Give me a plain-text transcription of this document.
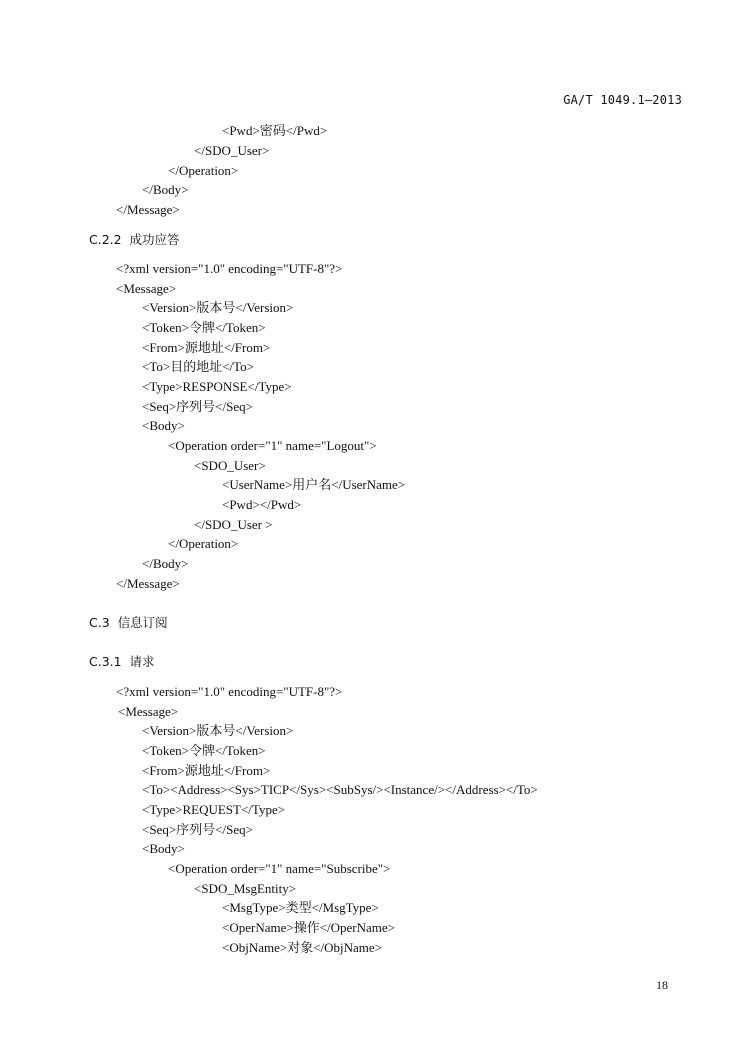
GA/T 1049.1—2013
<Pwd>密码</Pwd>
</SDO_User>
</Operation>
</Body>
</Message>
C.2.2  成功应答
<?xml version="1.0" encoding="UTF-8"?>
<Message>
<Version>版本号</Version>
<Token>令牌</Token>
<From>源地址</From>
<To>目的地址</To>
<Type>RESPONSE</Type>
<Seq>序列号</Seq>
<Body>
<Operation order="1" name="Logout">
<SDO_User>
<UserName>用户名</UserName>
<Pwd></Pwd>
</SDO_User >
</Operation>
</Body>
</Message>
C.3  信息订阅
C.3.1  请求
<?xml version="1.0" encoding="UTF-8"?>
<Message>
<Version>版本号</Version>
<Token>令牌</Token>
<From>源地址</From>
<To><Address><Sys>TICP</Sys><SubSys/><Instance/></Address></To>
<Type>REQUEST</Type>
<Seq>序列号</Seq>
<Body>
<Operation order="1" name="Subscribe">
<SDO_MsgEntity>
<MsgType>类型</MsgType>
<OperName>操作</OperName>
<ObjName>对象</ObjName>
18
